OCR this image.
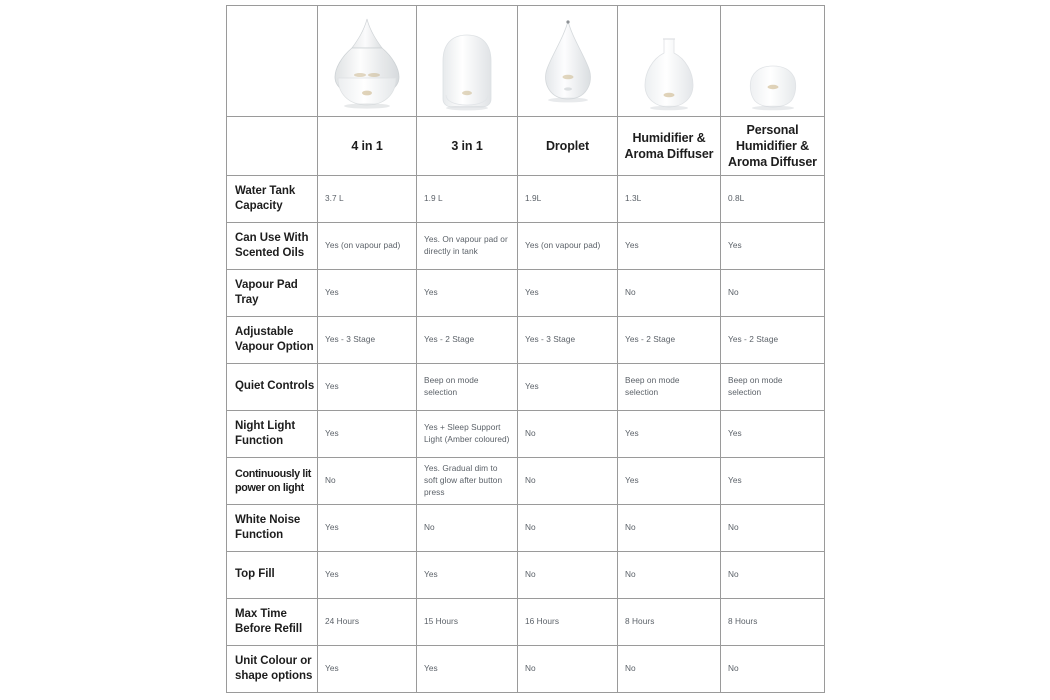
	4 in 1	3 in 1	Droplet	Humidifier & Aroma Diffuser	Personal Humidifier & Aroma Diffuser

Water Tank Capacity	3.7 L	1.9 L	1.9L	1.3L	0.8L

Can Use With Scented Oils	Yes (on vapour pad)	Yes. On vapour pad or directly in tank	Yes (on vapour pad)	Yes	Yes

Vapour Pad Tray	Yes	Yes	Yes	No	No

Adjustable Vapour Option	Yes - 3 Stage	Yes - 2 Stage	Yes - 3 Stage	Yes - 2 Stage	Yes - 2 Stage

Quiet Controls	Yes	Beep on mode selection	Yes	Beep on mode selection	Beep on mode selection

Night Light Function	Yes	Yes + Sleep Support Light (Amber coloured)	No	Yes	Yes

Continuously lit power on light	No	Yes. Gradual dim to soft glow after button press	No	Yes	Yes

White Noise Function	Yes	No	No	No	No

Top Fill	Yes	Yes	No	No	No

Max Time Before Refill	24 Hours	15 Hours	16 Hours	8 Hours	8 Hours

Unit Colour or shape options	Yes	Yes	No	No	No
